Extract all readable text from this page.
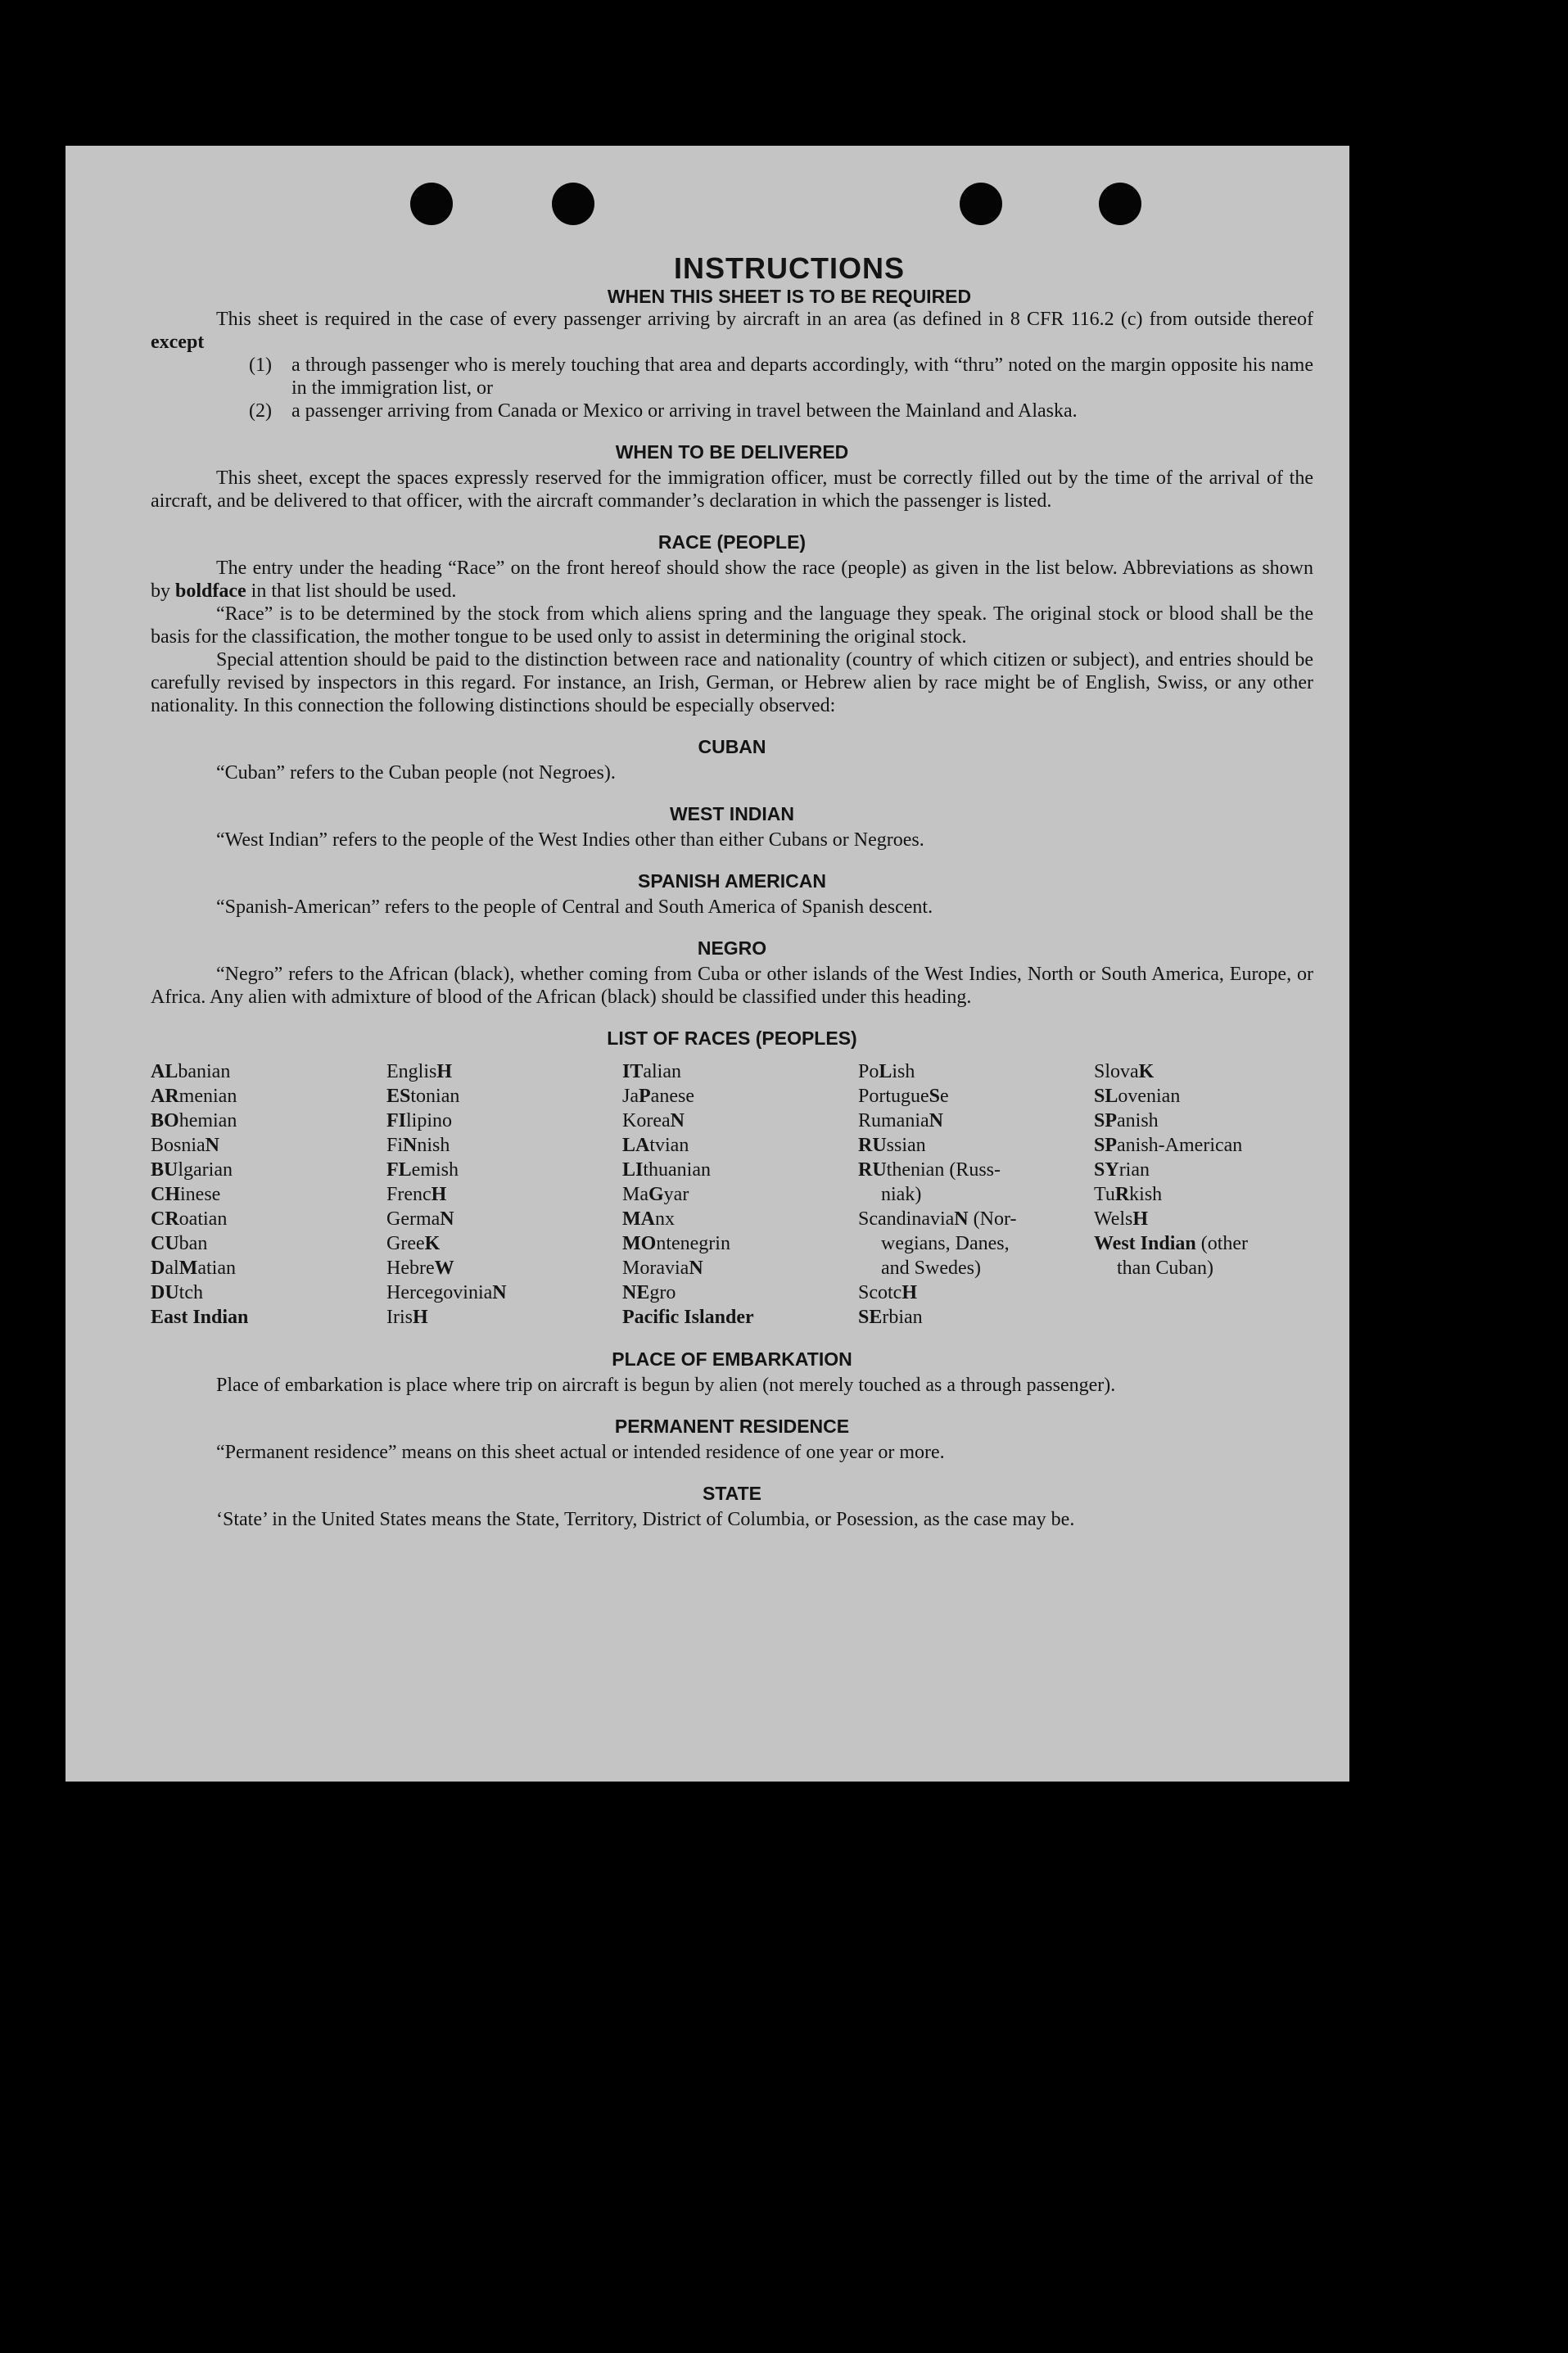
INSTRUCTIONS
WHEN THIS SHEET IS TO BE REQUIRED

This sheet is required in the case of every passenger arriving by aircraft in an area (as defined in 8 CFR 116.2 (c) from outside thereof except

(1)	a through passenger who is merely touching that area and departs accordingly, with “thru” noted on the margin opposite his name in the immigration list, or
(2)	a passenger arriving from Canada or Mexico or arriving in travel between the Mainland and Alaska.
WHEN TO BE DELIVERED

This sheet, except the spaces expressly reserved for the immigration officer, must be correctly filled out by the time of the arrival of the aircraft, and be delivered to that officer, with the aircraft commander’s declaration in which the passenger is listed.

RACE (PEOPLE)

The entry under the heading “Race” on the front hereof should show the race (people) as given in the list below. Abbreviations as shown by boldface in that list should be used.

“Race” is to be determined by the stock from which aliens spring and the language they speak. The original stock or blood shall be the basis for the classification, the mother tongue to be used only to assist in determining the original stock.

Special attention should be paid to the distinction between race and nationality (country of which citizen or subject), and entries should be carefully revised by inspectors in this regard. For instance, an Irish, German, or Hebrew alien by race might be of English, Swiss, or any other nationality. In this connection the following distinctions should be especially observed:

CUBAN

“Cuban” refers to the Cuban people (not Negroes).

WEST INDIAN

“West Indian” refers to the people of the West Indies other than either Cubans or Negroes.

SPANISH AMERICAN

“Spanish-American” refers to the people of Central and South America of Spanish descent.

NEGRO

“Negro” refers to the African (black), whether coming from Cuba or other islands of the West Indies, North or South America, Europe, or Africa. Any alien with admixture of blood of the African (black) should be classified under this heading.

LIST OF RACES (PEOPLES)
ALbanian
ARmenian
BOhemian
BosniaN
BUlgarian
CHinese
CRoatian
CUban
DalMatian
DUtch
East Indian
EnglisH
EStonian
FIlipino
FiNnish
FLemish
FrencH
GermaN
GreeK
HebreW
HercegoviniaN
IrisH
ITalian
JaPanese
KoreaN
LAtvian
LIthuanian
MaGyar
MAnx
MOntenegrin
MoraviaN
NEgro
Pacific Islander
PoLish
PortugueSe
RumaniaN
RUssian
RUthenian (Russ-
niak)
ScandinaviaN (Nor-
wegians, Danes,
and Swedes)
ScotcH
SErbian
SlovaK
SLovenian
SPanish
SPanish-American
SYrian
TuRkish
WelsH
West Indian (other
than Cuban)
PLACE OF EMBARKATION

Place of embarkation is place where trip on aircraft is begun by alien (not merely touched as a through passenger).

PERMANENT RESIDENCE

“Permanent residence” means on this sheet actual or intended residence of one year or more.

STATE

‘State’ in the United States means the State, Territory, District of Columbia, or Posession, as the case may be.
